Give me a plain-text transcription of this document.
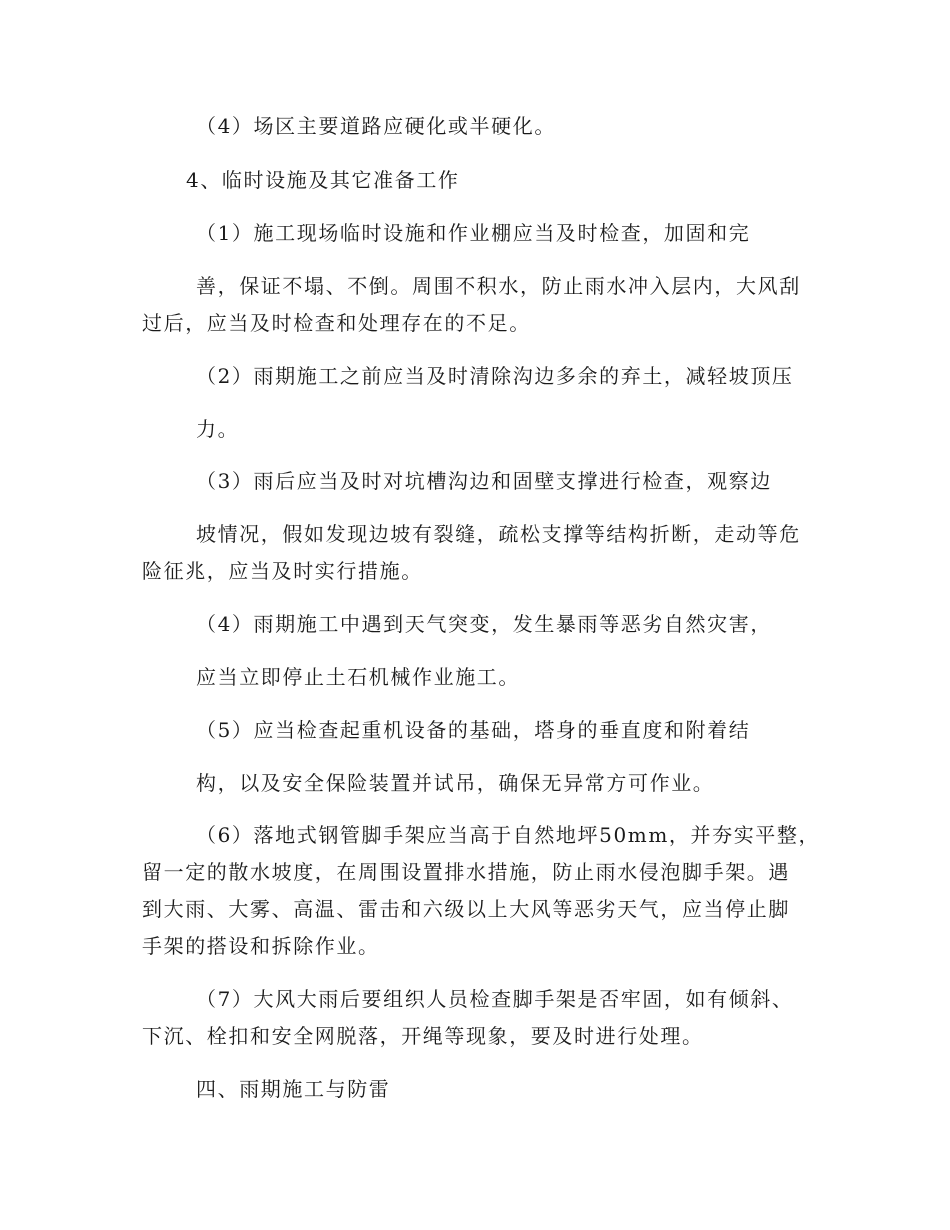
（4）场区主要道路应硬化或半硬化。
4、临时设施及其它准备工作
（1）施工现场临时设施和作业棚应当及时检查，加固和完
善，保证不塌、不倒。周围不积水，防止雨水冲入层内，大风刮
过后，应当及时检查和处理存在的不足。
（2）雨期施工之前应当及时清除沟边多余的弃土，减轻坡顶压
力。
（3）雨后应当及时对坑槽沟边和固壁支撑进行检查，观察边
坡情况，假如发现边坡有裂缝，疏松支撑等结构折断，走动等危
险征兆，应当及时实行措施。
（4）雨期施工中遇到天气突变，发生暴雨等恶劣自然灾害，
应当立即停止土石机械作业施工。
（5）应当检查起重机设备的基础，塔身的垂直度和附着结
构，以及安全保险装置并试吊，确保无异常方可作业。
（6）落地式钢管脚手架应当高于自然地坪50mm，并夯实平整，
留一定的散水坡度，在周围设置排水措施，防止雨水侵泡脚手架。遇
到大雨、大雾、高温、雷击和六级以上大风等恶劣天气，应当停止脚
手架的搭设和拆除作业。
（7）大风大雨后要组织人员检查脚手架是否牢固，如有倾斜、
下沉、栓扣和安全网脱落，开绳等现象，要及时进行处理。
四、雨期施工与防雷
